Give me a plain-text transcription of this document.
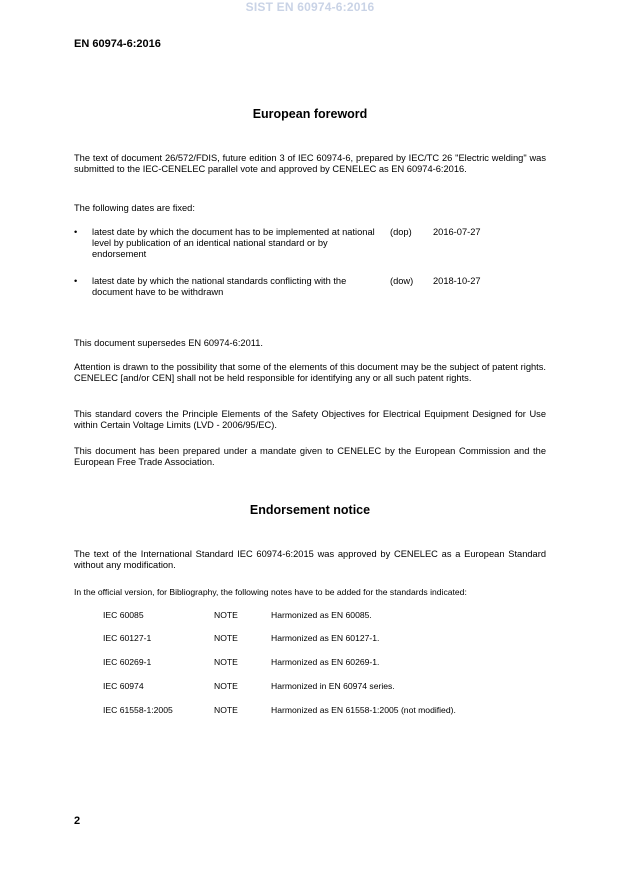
SIST EN 60974-6:2016
EN 60974-6:2016
European foreword
The text of document 26/572/FDIS, future edition 3 of IEC 60974-6, prepared by IEC/TC 26 "Electric welding" was submitted to the IEC-CENELEC parallel vote and approved by CENELEC as EN 60974-6:2016.
The following dates are fixed:
• latest date by which the document has to be implemented at national level by publication of an identical national standard or by endorsement
(dop) 2016-07-27
• latest date by which the national standards conflicting with the document have to be withdrawn
(dow) 2018-10-27
This document supersedes EN 60974-6:2011.
Attention is drawn to the possibility that some of the elements of this document may be the subject of patent rights. CENELEC [and/or CEN] shall not be held responsible for identifying any or all such patent rights.
This standard covers the Principle Elements of the Safety Objectives for Electrical Equipment Designed for Use within Certain Voltage Limits (LVD - 2006/95/EC).
This document has been prepared under a mandate given to CENELEC by the European Commission and the European Free Trade Association.
Endorsement notice
The text of the International Standard IEC 60974-6:2015 was approved by CENELEC as a European Standard without any modification.
In the official version, for Bibliography, the following notes have to be added for the standards indicated:
IEC 60085	NOTE	Harmonized as EN 60085.
IEC 60127-1	NOTE	Harmonized as EN 60127-1.
IEC 60269-1	NOTE	Harmonized as EN 60269-1.
IEC 60974	NOTE	Harmonized in EN 60974 series.
IEC 61558-1:2005	NOTE	Harmonized as EN 61558-1:2005 (not modified).
2
